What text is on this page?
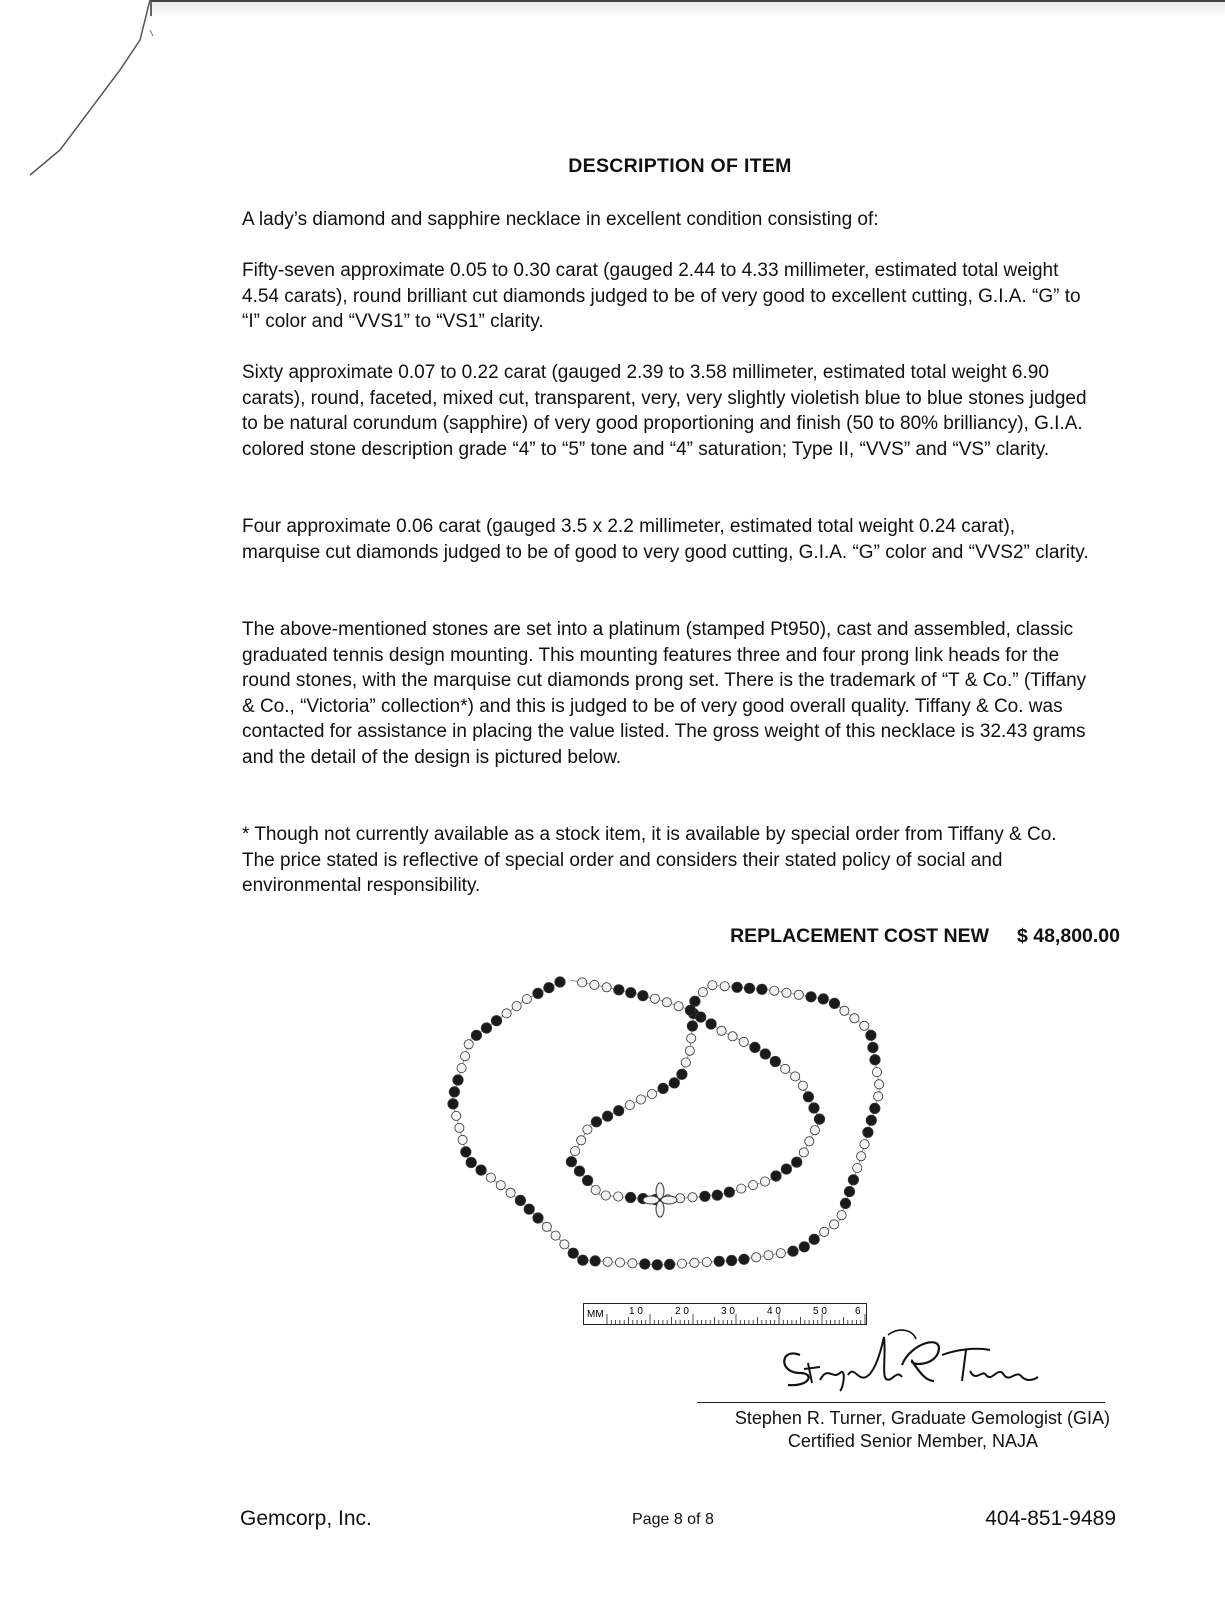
DESCRIPTION OF ITEM

A lady’s diamond and sapphire necklace in excellent condition consisting of:

Fifty-seven approximate 0.05 to 0.30 carat (gauged 2.44 to 4.33 millimeter, estimated total weight 4.54 carats), round brilliant cut diamonds judged to be of very good to excellent cutting, G.I.A. “G” to “I” color and “VVS1” to “VS1” clarity.

Sixty approximate 0.07 to 0.22 carat (gauged 2.39 to 3.58 millimeter, estimated total weight 6.90 carats), round, faceted, mixed cut, transparent, very, very slightly violetish blue to blue stones judged to be natural corundum (sapphire) of very good proportioning and finish (50 to 80% brilliancy), G.I.A. colored stone description grade “4” to “5” tone and “4” saturation; Type II, “VVS” and “VS” clarity.

Four approximate 0.06 carat (gauged 3.5 x 2.2 millimeter, estimated total weight 0.24 carat), marquise cut diamonds judged to be of good to very good cutting, G.I.A. “G” color and “VVS2” clarity.

The above-mentioned stones are set into a platinum (stamped Pt950), cast and assembled, classic graduated tennis design mounting. This mounting features three and four prong link heads for the round stones, with the marquise cut diamonds prong set. There is the trademark of “T & Co.” (Tiffany & Co., “Victoria” collection*) and this is judged to be of very good overall quality. Tiffany & Co. was contacted for assistance in placing the value listed. The gross weight of this necklace is 32.43 grams and the detail of the design is pictured below.

* Though not currently available as a stock item, it is available by special order from Tiffany & Co. The price stated is reflective of special order and considers their stated policy of social and environmental responsibility.

REPLACEMENT COST NEW $ 48,800.00
MM	1 0	2 0	3 0	4 0	5 0	6
Stephen R. Turner, Graduate Gemologist (GIA)
Certified Senior Member, NAJA
Gemcorp, Inc.	Page 8 of 8	404-851-9489
